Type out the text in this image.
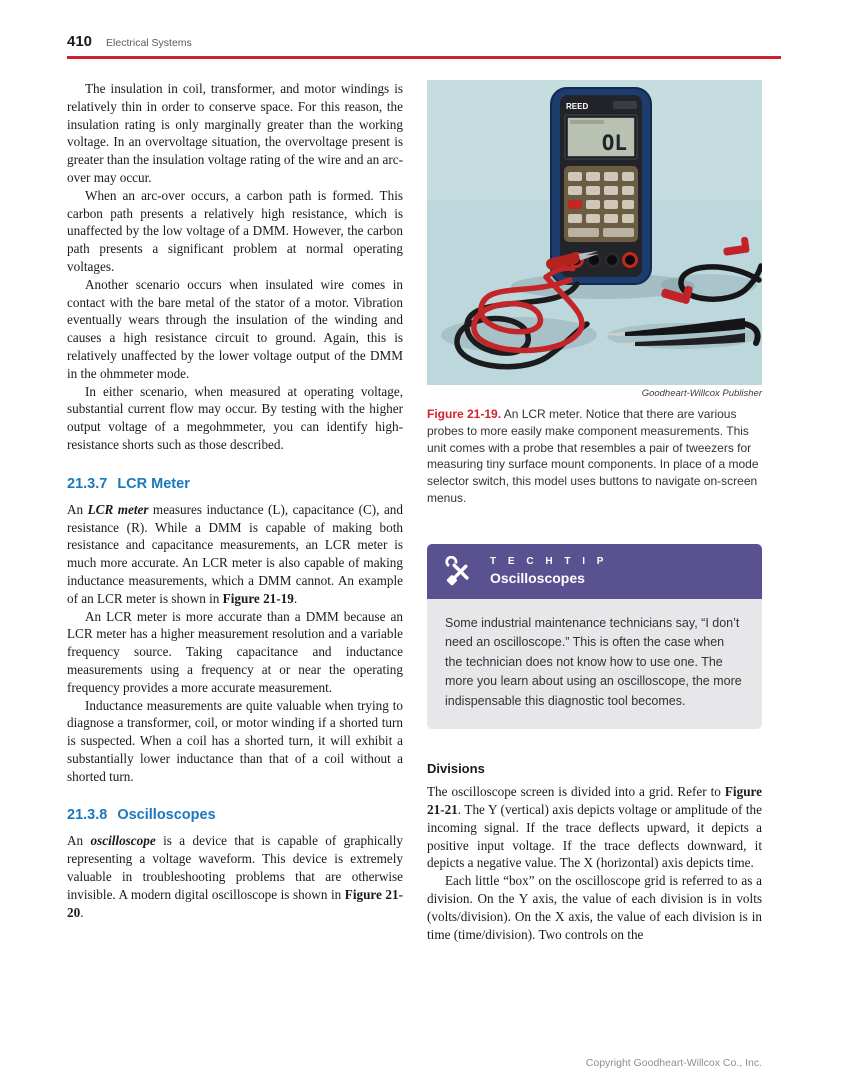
410 Electrical Systems

The insulation in coil, transformer, and motor windings is relatively thin in order to conserve space. For this reason, the insulation rating is only marginally greater than the working voltage. In an overvoltage situation, the overvoltage present is greater than the insulation voltage rating of the wire and an arc-over may occur.

When an arc-over occurs, a carbon path is formed. This carbon path presents a relatively high resistance, which is unaffected by the low voltage of a DMM. However, the carbon path presents a significant problem at normal operating voltages.

Another scenario occurs when insulated wire comes in contact with the bare metal of the stator of a motor. Vibration eventually wears through the insulation of the winding and causes a high resistance circuit to ground. Again, this is relatively unaffected by the lower voltage output of the DMM in the ohmmeter mode.

In either scenario, when measured at operating voltage, substantial current flow may occur. By testing with the higher output voltage of a megohmmeter, you can identify high-resistance shorts such as those described.

21.3.7 LCR Meter

An LCR meter measures inductance (L), capacitance (C), and resistance (R). While a DMM is capable of making both resistance and capacitance measurements, an LCR meter is much more accurate. An LCR meter is also capable of making inductance measurements, which a DMM cannot. An example of an LCR meter is shown in Figure 21-19.

An LCR meter is more accurate than a DMM because an LCR meter has a higher measurement resolution and a variable frequency source. Taking capacitance and inductance measurements using a frequency at or near the operating frequency provides a more accurate measurement.

Inductance measurements are quite valuable when trying to diagnose a transformer, coil, or motor winding if a shorted turn is suspected. When a coil has a shorted turn, it will exhibit a substantially lower inductance than that of a coil without a shorted turn.

21.3.8 Oscilloscopes

An oscilloscope is a device that is capable of graphically representing a voltage waveform. This device is extremely valuable in troubleshooting problems that are otherwise invisible. A modern digital oscilloscope is shown in Figure 21-20.

REED
OL

Goodheart-Willcox Publisher

Figure 21-19. An LCR meter. Notice that there are various probes to more easily make component measurements. This unit comes with a probe that resembles a pair of tweezers for measuring tiny surface mount components. In place of a mode selector switch, this model uses buttons to navigate on-screen menus.

T E C H T I P
Oscilloscopes

Some industrial maintenance technicians say, “I don’t need an oscilloscope.” This is often the case when the technician does not know how to use one. The more you learn about using an oscilloscope, the more indispensable this diagnostic tool becomes.

Divisions

The oscilloscope screen is divided into a grid. Refer to Figure 21-21. The Y (vertical) axis depicts voltage or amplitude of the incoming signal. If the trace deflects upward, it depicts a positive input voltage. If the trace deflects downward, it depicts a negative value. The X (horizontal) axis depicts time.

Each little “box” on the oscilloscope grid is referred to as a division. On the Y axis, the value of each division is in volts (volts/division). On the X axis, the value of each division is in time (time/division). Two controls on the

Copyright Goodheart-Willcox Co., Inc.
